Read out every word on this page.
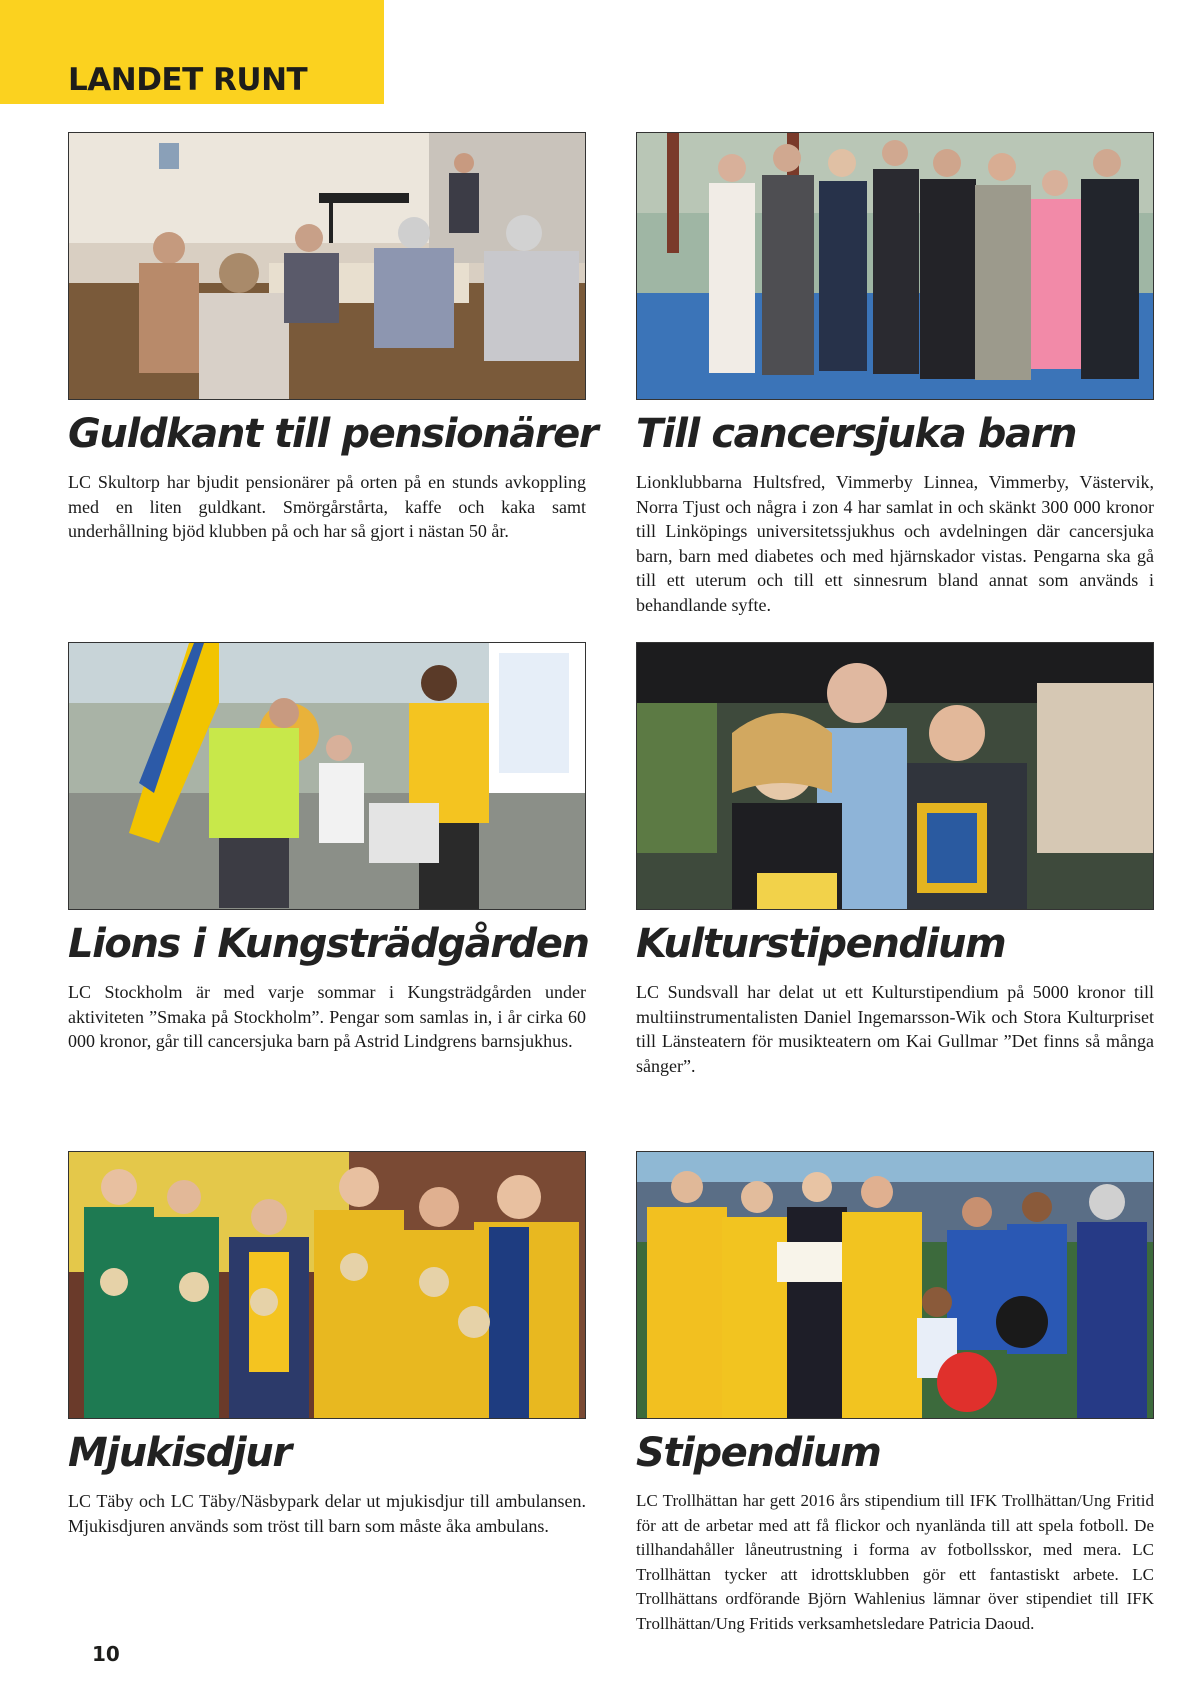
LANDET RUNT
Guldkant till pensionärer

LC Skultorp har bjudit pensionärer på orten på en stunds avkoppling med en liten guldkant. Smörgårstårta, kaffe och kaka samt underhållning bjöd klubben på och har så gjort i nästan 50 år.

Till cancersjuka barn

Lionklubbarna Hultsfred, Vimmerby Linnea, Vimmerby, Västervik, Norra Tjust och några i zon 4 har samlat in och skänkt 300 000 kronor till Linköpings universitetssjukhus och avdelningen där cancersjuka barn, barn med diabetes och med hjärnskador vistas. Pengarna ska gå till ett uterum och till ett sinnesrum bland annat som används i behandlande syfte.

Lions i Kungsträdgården

LC Stockholm är med varje sommar i Kungsträdgården under aktiviteten ”Smaka på Stockholm”. Pengar som samlas in, i år cirka 60 000 kronor, går till cancersjuka barn på Astrid Lindgrens barnsjukhus.

Kulturstipendium

LC Sundsvall har delat ut ett Kulturstipendium på 5000 kronor till multiinstrumentalisten Daniel Ingemarsson-Wik och Stora Kulturpriset till Länsteatern för musikteatern om Kai Gullmar ”Det finns så många sånger”.

Mjukisdjur

LC Täby och LC Täby/Näsbypark delar ut mjukisdjur till ambulansen. Mjukisdjuren används som tröst till barn som måste åka ambulans.

Stipendium

LC Trollhättan har gett 2016 års stipendium till IFK Trollhättan/Ung Fritid för att de arbetar med att få flickor och nyanlända till att spela fotboll. De tillhandahåller låneutrustning i forma av fotbollsskor, med mera. LC Trollhättan tycker att idrottsklubben gör ett fantastiskt arbete. LC Trollhättans ordförande Björn Wahlenius lämnar över stipendiet till IFK Trollhättan/Ung Fritids verksamhetsledare Patricia Daoud.

10
